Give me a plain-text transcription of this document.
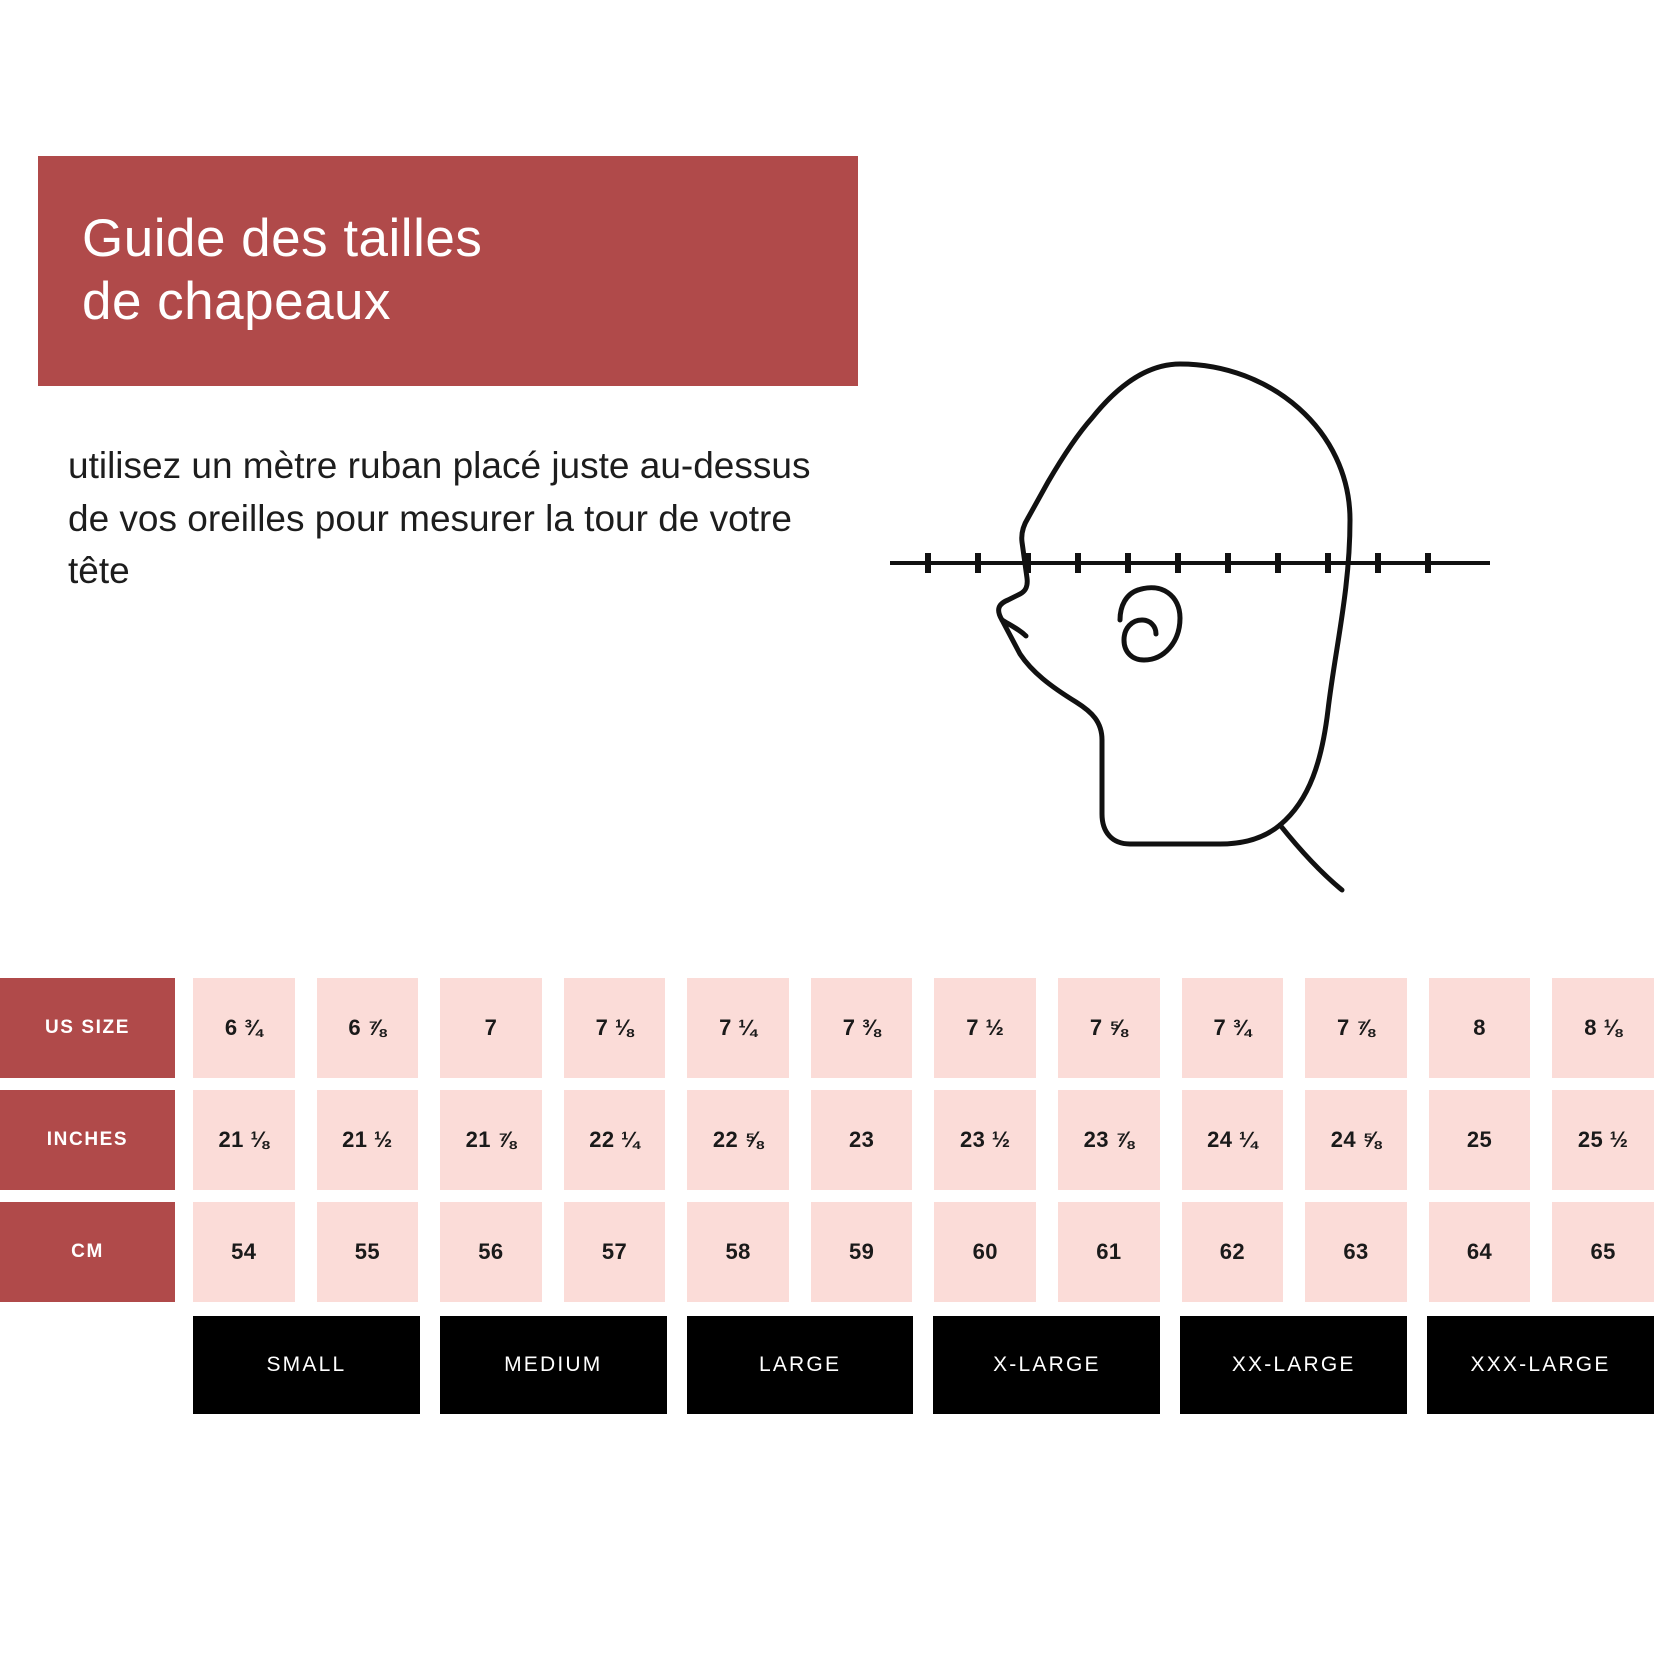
Guide des tailles
de chapeaux
utilisez un mètre ruban placé juste au-dessus de vos oreilles pour mesurer la tour de votre tête
US SIZE	6 ¾	6 ⅞	7	7 ⅛	7 ¼	7 ⅜	7 ½	7 ⅝	7 ¾	7 ⅞	8	8 ⅛
INCHES	21 ⅛	21 ½	21 ⅞	22 ¼	22 ⅝	23	23 ½	23 ⅞	24 ¼	24 ⅝	25	25 ½
CM	54	55	56	57	58	59	60	61	62	63	64	65
SMALL	MEDIUM	LARGE	X-LARGE	XX-LARGE	XXX-LARGE
